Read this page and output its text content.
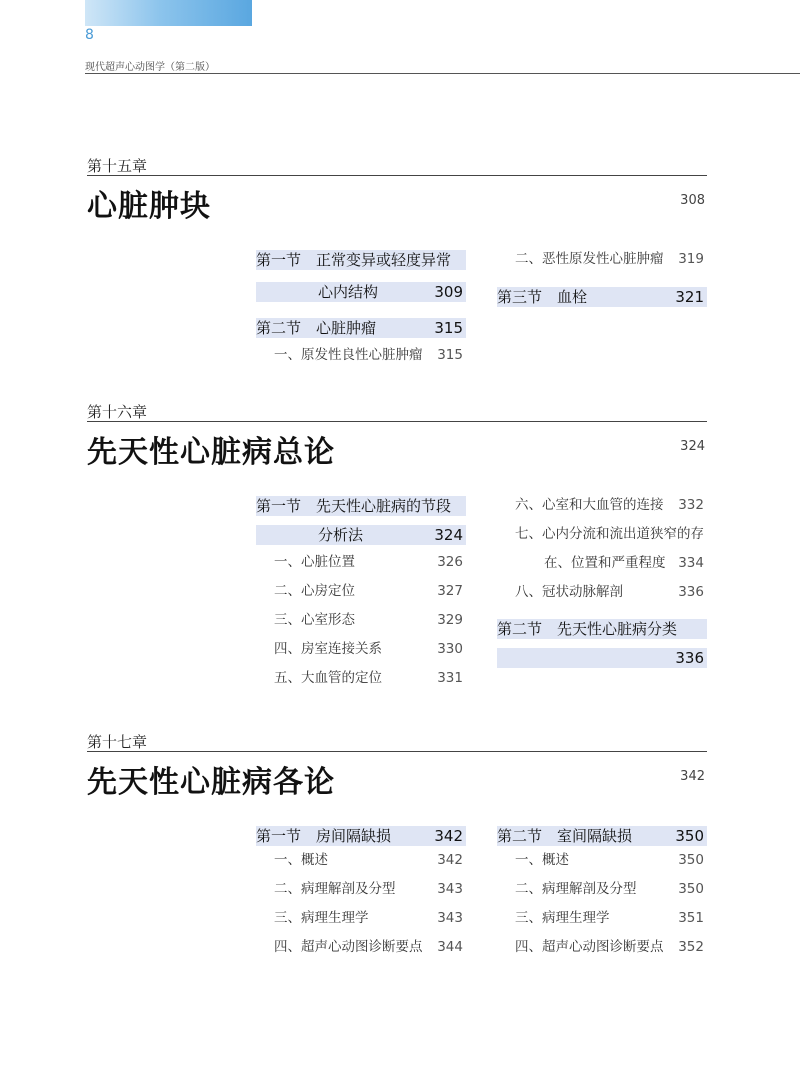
8
现代超声心动图学（第二版）
第十五章
心脏肿块	308
第一节　正常变异或轻度异常
心内结构	309
第二节　心脏肿瘤	315
一、原发性良性心脏肿瘤 315
二、恶性原发性心脏肿瘤 319
第三节　血栓	321
第十六章
先天性心脏病总论	324
第一节　先天性心脏病的节段
分析法	324
一、心脏位置	326
二、心房定位	327
三、心室形态	329
四、房室连接关系	330
五、大血管的定位	331
六、心室和大血管的连接 332
七、心内分流和流出道狭窄的存
在、位置和严重程度 334
八、冠状动脉解剖	336
第二节　先天性心脏病分类
336
第十七章
先天性心脏病各论	342
第一节　房间隔缺损	342
一、概述	342
二、病理解剖及分型	343
三、病理生理学	343
四、超声心动图诊断要点 344
第二节　室间隔缺损	350
一、概述	350
二、病理解剖及分型	350
三、病理生理学	351
四、超声心动图诊断要点 352
